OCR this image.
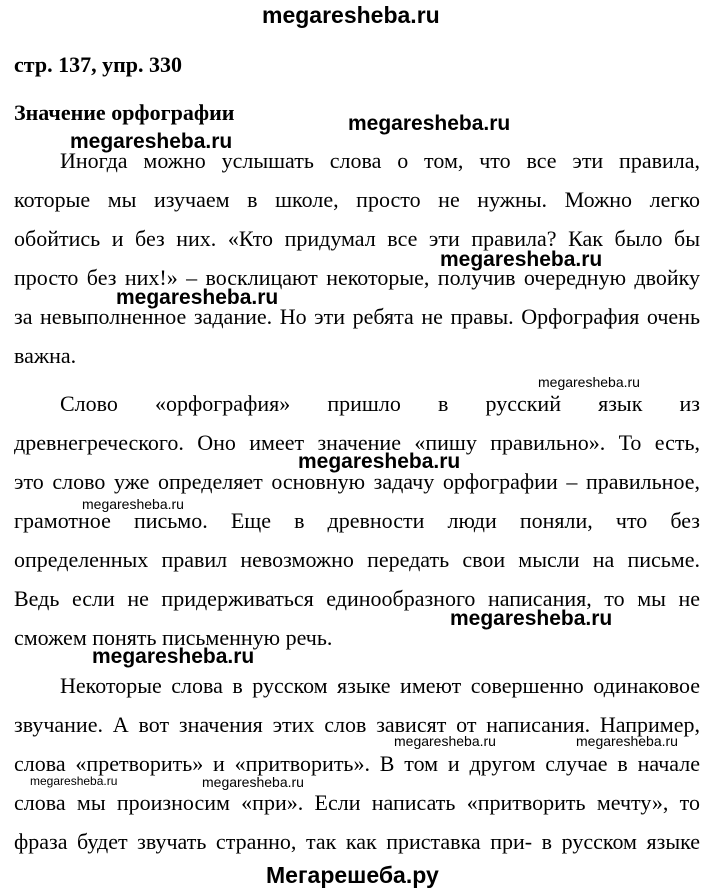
megaresheba.ru
Мегарешеба.ру
стр. 137, упр. 330
Значение орфографии
Иногда можно услышать слова о том, что все эти правила,
которые мы изучаем в школе, просто не нужны. Можно легко
обойтись и без них. «Кто придумал все эти правила? Как было бы
просто без них!» – восклицают некоторые, получив очередную двойку
за невыполненное задание. Но эти ребята не правы. Орфография очень
важна.
Слово «орфография» пришло в русский язык из
древнегреческого. Оно имеет значение «пишу правильно». То есть,
это слово уже определяет основную задачу орфографии – правильное,
грамотное письмо. Еще в древности люди поняли, что без
определенных правил невозможно передать свои мысли на письме.
Ведь если не придерживаться единообразного написания, то мы не
сможем понять письменную речь.
Некоторые слова в русском языке имеют совершенно одинаковое
звучание. А вот значения этих слов зависят от написания. Например,
слова «претворить» и «притворить». В том и другом случае в начале
слова мы произносим «при». Если написать «притворить мечту», то
фраза будет звучать странно, так как приставка при- в русском языке
megaresheba.ru
megaresheba.ru
megaresheba.ru
megaresheba.ru
megaresheba.ru
megaresheba.ru
megaresheba.ru
megaresheba.ru
megaresheba.ru
megaresheba.ru	megaresheba.ru
megaresheba.ru	megaresheba.ru
